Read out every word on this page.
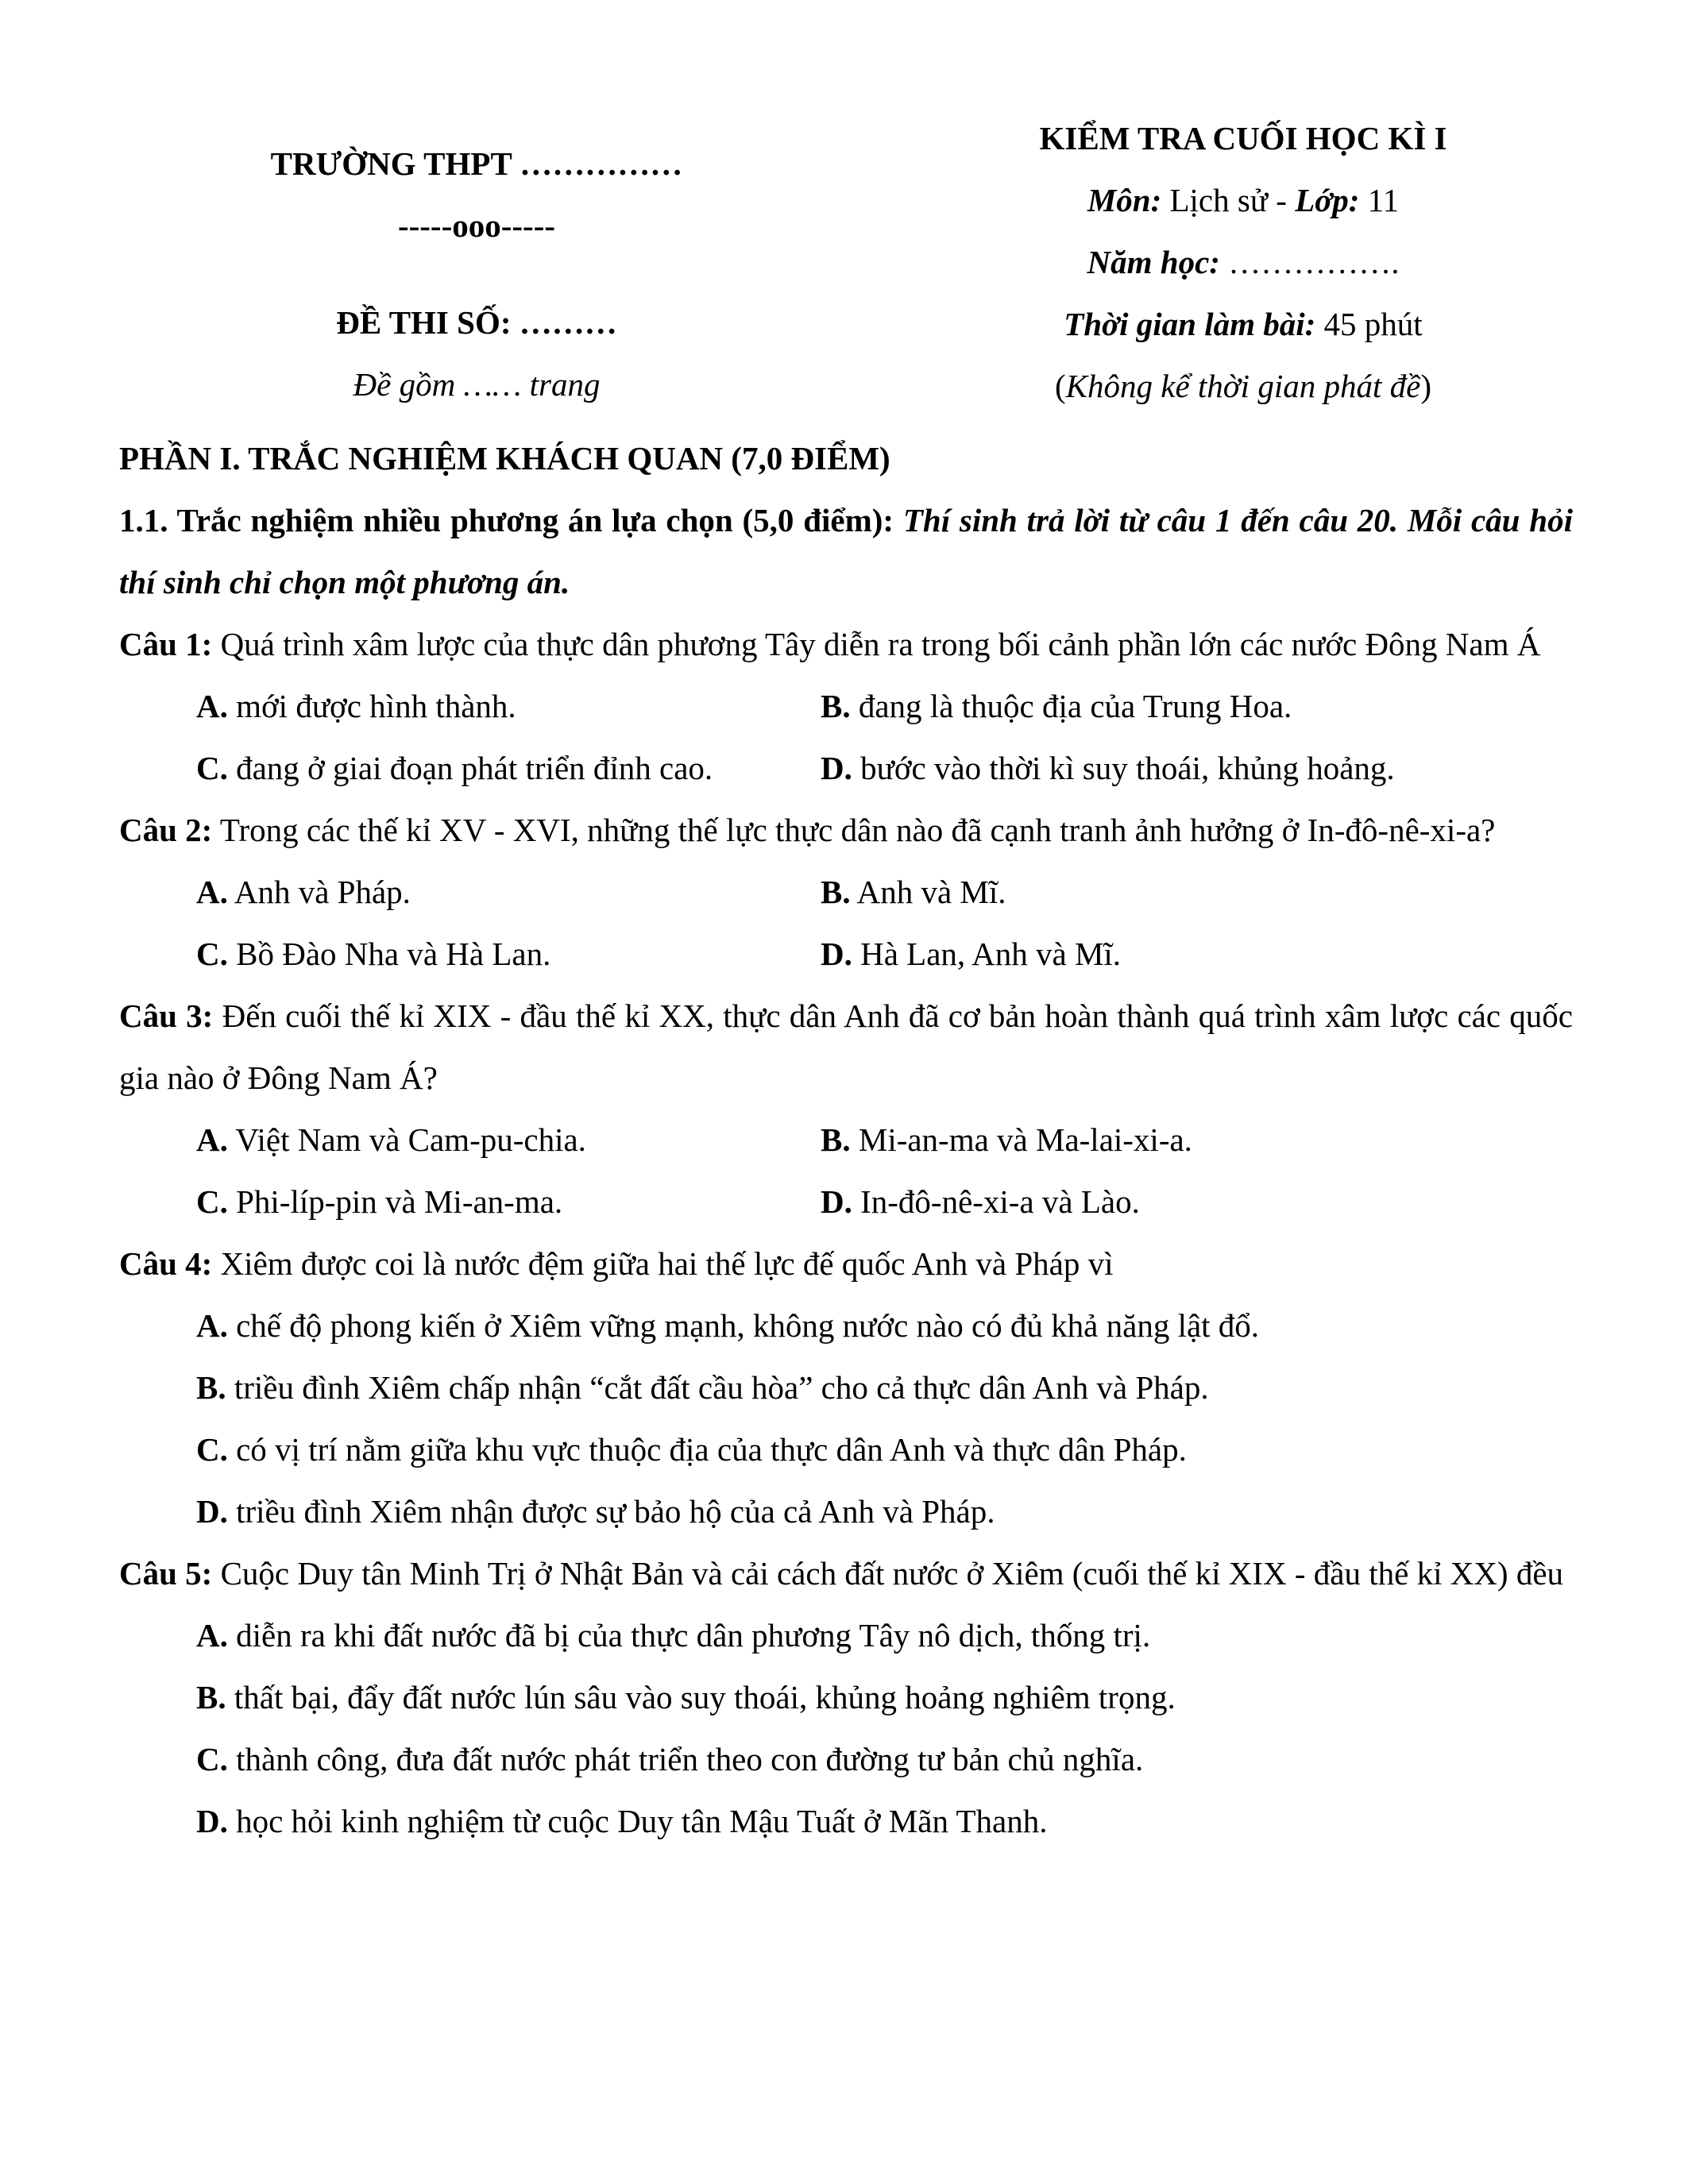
TRƯỜNG THPT ……………
-----ooo-----
ĐỀ THI SỐ: ………
Đề gồm …… trang
KIỂM TRA CUỐI HỌC KÌ I
Môn: Lịch sử - Lớp: 11
Năm học: …………….
Thời gian làm bài: 45 phút
(Không kể thời gian phát đề)
PHẦN I. TRẮC NGHIỆM KHÁCH QUAN (7,0 ĐIỂM)
1.1. Trắc nghiệm nhiều phương án lựa chọn (5,0 điểm): Thí sinh trả lời từ câu 1 đến câu 20. Mỗi câu hỏi thí sinh chỉ chọn một phương án.
Câu 1: Quá trình xâm lược của thực dân phương Tây diễn ra trong bối cảnh phần lớn các nước Đông Nam Á
A. mới được hình thành.	B. đang là thuộc địa của Trung Hoa.
C. đang ở giai đoạn phát triển đỉnh cao.	D. bước vào thời kì suy thoái, khủng hoảng.
Câu 2: Trong các thế kỉ XV - XVI, những thế lực thực dân nào đã cạnh tranh ảnh hưởng ở In-đô-nê-xi-a?
A. Anh và Pháp.	B. Anh và Mĩ.
C. Bồ Đào Nha và Hà Lan.	D. Hà Lan, Anh và Mĩ.
Câu 3: Đến cuối thế kỉ XIX - đầu thế kỉ XX, thực dân Anh đã cơ bản hoàn thành quá trình xâm lược các quốc gia nào ở Đông Nam Á?
A. Việt Nam và Cam-pu-chia.	B. Mi-an-ma và Ma-lai-xi-a.
C. Phi-líp-pin và Mi-an-ma.	D. In-đô-nê-xi-a và Lào.
Câu 4: Xiêm được coi là nước đệm giữa hai thế lực đế quốc Anh và Pháp vì
A. chế độ phong kiến ở Xiêm vững mạnh, không nước nào có đủ khả năng lật đổ.
B. triều đình Xiêm chấp nhận “cắt đất cầu hòa” cho cả thực dân Anh và Pháp.
C. có vị trí nằm giữa khu vực thuộc địa của thực dân Anh và thực dân Pháp.
D. triều đình Xiêm nhận được sự bảo hộ của cả Anh và Pháp.
Câu 5: Cuộc Duy tân Minh Trị ở Nhật Bản và cải cách đất nước ở Xiêm (cuối thế kỉ XIX - đầu thế kỉ XX) đều
A. diễn ra khi đất nước đã bị của thực dân phương Tây nô dịch, thống trị.
B. thất bại, đẩy đất nước lún sâu vào suy thoái, khủng hoảng nghiêm trọng.
C. thành công, đưa đất nước phát triển theo con đường tư bản chủ nghĩa.
D. học hỏi kinh nghiệm từ cuộc Duy tân Mậu Tuất ở Mãn Thanh.
